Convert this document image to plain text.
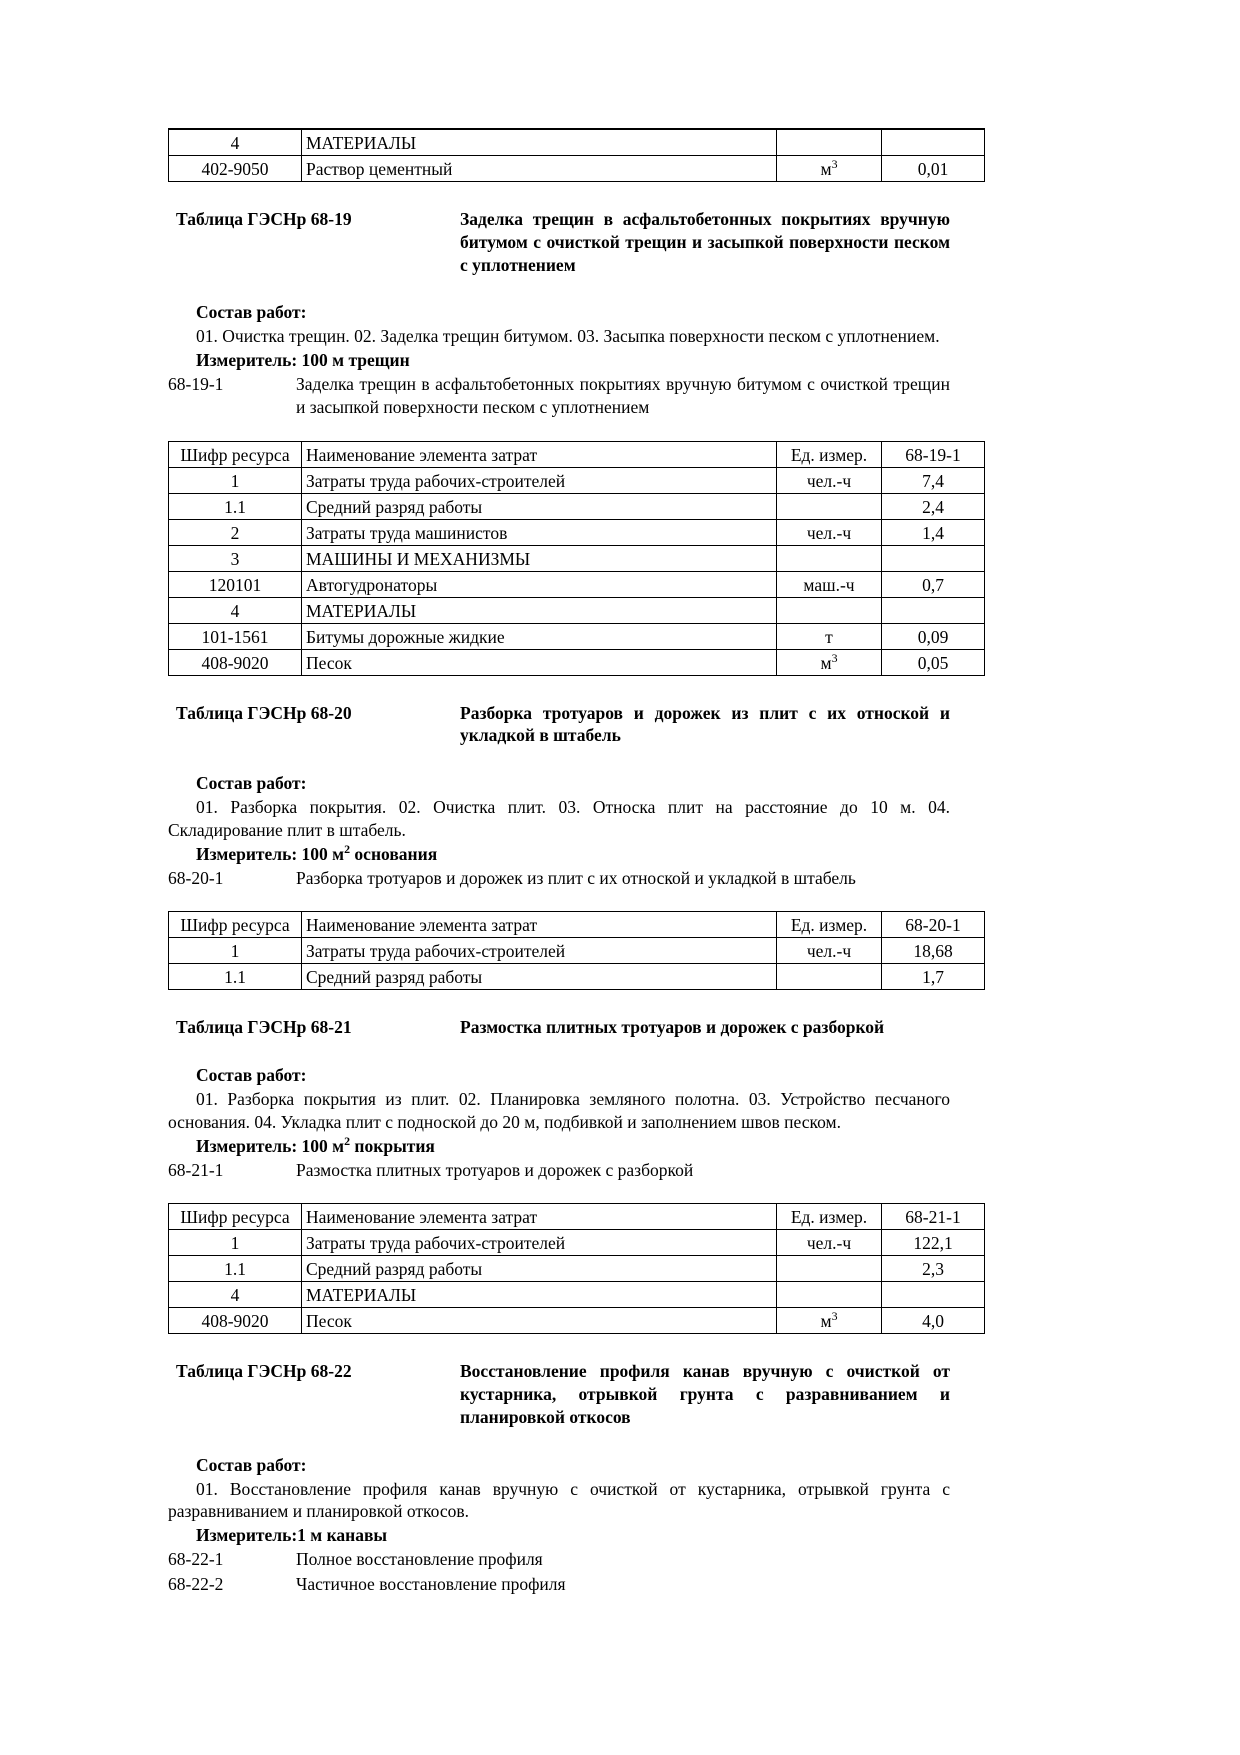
4	МАТЕРИАЛЫ		
402-9050	Раствор цементный	$м^3$	0,01
Таблица ГЭСНр 68-19	Заделка трещин в асфальтобетонных покрытиях вручную битумом с очисткой трещин и засыпкой поверхности песком с уплотнением
Состав работ:
01. Очистка трещин. 02. Заделка трещин битумом. 03. Засыпка поверхности песком с уплотнением.
Измеритель: 100 м трещин
68-19-1	Заделка трещин в асфальтобетонных покрытиях вручную битумом с очисткой трещин и засыпкой поверхности песком с уплотнением
Шифр ресурса	Наименование элемента затрат	Ед. измер.	68-19-1
1	Затраты труда рабочих-строителей	чел.-ч	7,4
1.1	Средний разряд работы		2,4
2	Затраты труда машинистов	чел.-ч	1,4
3	МАШИНЫ И МЕХАНИЗМЫ		
120101	Автогудронаторы	маш.-ч	0,7
4	МАТЕРИАЛЫ		
101-1561	Битумы дорожные жидкие	т	0,09
408-9020	Песок	$м^3$	0,05
Таблица ГЭСНр 68-20	Разборка тротуаров и дорожек из плит с их отноской и укладкой в штабель
Состав работ:
01. Разборка покрытия. 02. Очистка плит. 03. Относка плит на расстояние до 10 м. 04. Складирование плит в штабель.
Измеритель: 100 $м^2$ основания
68-20-1	Разборка тротуаров и дорожек из плит с их отноской и укладкой в штабель
Шифр ресурса	Наименование элемента затрат	Ед. измер.	68-20-1
1	Затраты труда рабочих-строителей	чел.-ч	18,68
1.1	Средний разряд работы		1,7
Таблица ГЭСНр 68-21	Размостка плитных тротуаров и дорожек с разборкой
Состав работ:
01. Разборка покрытия из плит. 02. Планировка земляного полотна. 03. Устройство песчаного основания. 04. Укладка плит с подноской до 20 м, подбивкой и заполнением швов песком.
Измеритель: 100 $м^2$ покрытия
68-21-1	Размостка плитных тротуаров и дорожек с разборкой
Шифр ресурса	Наименование элемента затрат	Ед. измер.	68-21-1
1	Затраты труда рабочих-строителей	чел.-ч	122,1
1.1	Средний разряд работы		2,3
4	МАТЕРИАЛЫ		
408-9020	Песок	$м^3$	4,0
Таблица ГЭСНр 68-22	Восстановление профиля канав вручную с очисткой от кустарника, отрывкой грунта с разравниванием и планировкой откосов
Состав работ:
01. Восстановление профиля канав вручную с очисткой от кустарника, отрывкой грунта с разравниванием и планировкой откосов.
Измеритель:1 м канавы
68-22-1	Полное восстановление профиля
68-22-2	Частичное восстановление профиля
